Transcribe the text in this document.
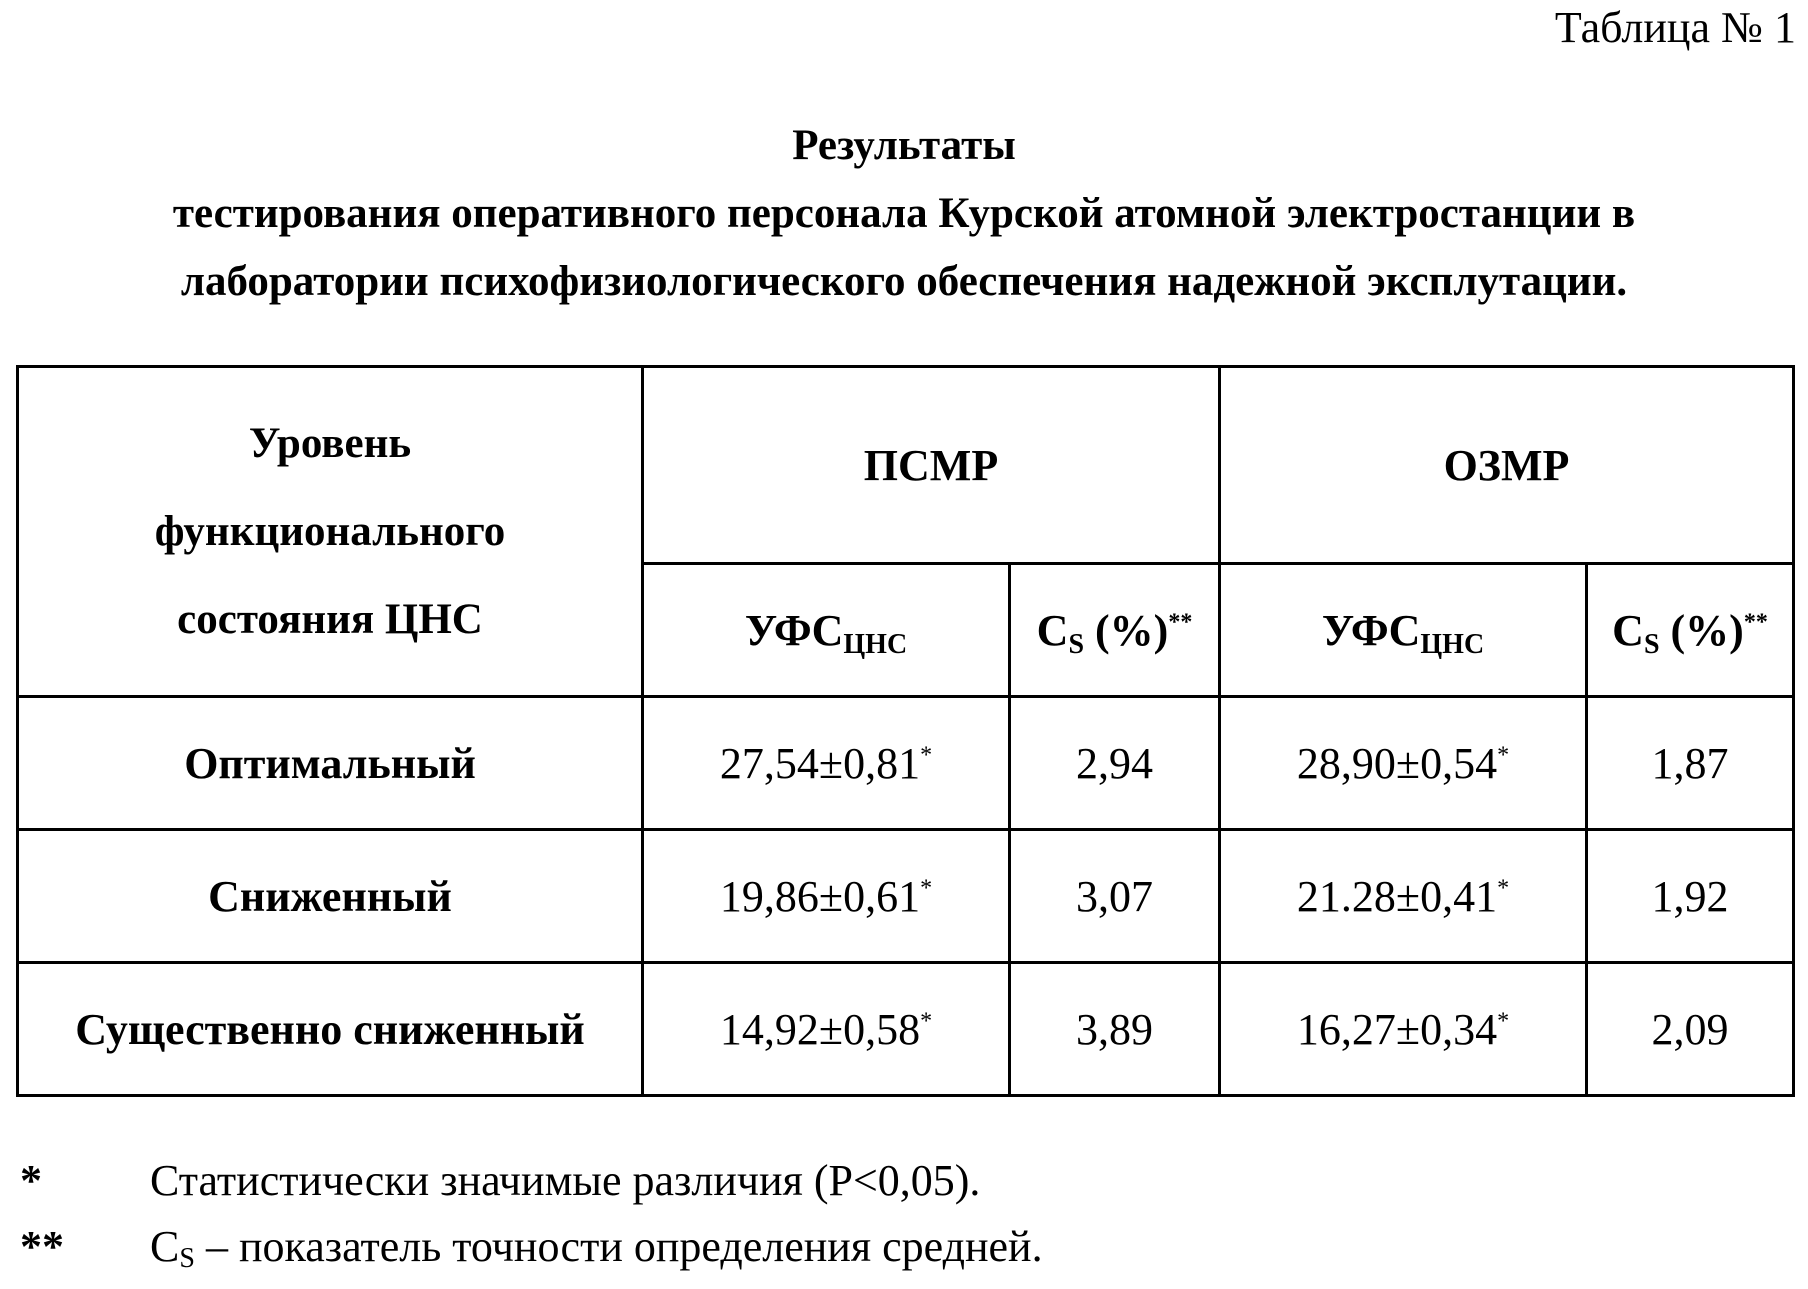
Таблица № 1
Результаты
тестирования оперативного персонала Курской атомной электростанции в
лаборатории психофизиологического обеспечения надежной эксплутации.
Уровень
функционального
состояния ЦНС	ПСМР		ОЗМР	
	$УФС_{ЦНС}$	$C_S$ (%)**	$УФС_{ЦНС}$	$C_S$ (%)**
Оптимальный	27,54±0,81*	2,94	28,90±0,54*	1,87
Сниженный	19,86±0,61*	3,07	21.28±0,41*	1,92
Существенно сниженный	14,92±0,58*	3,89	16,27±0,34*	2,09
*	Статистически значимые различия (P<0,05).
**	$C_S$ – показатель точности определения средней.
